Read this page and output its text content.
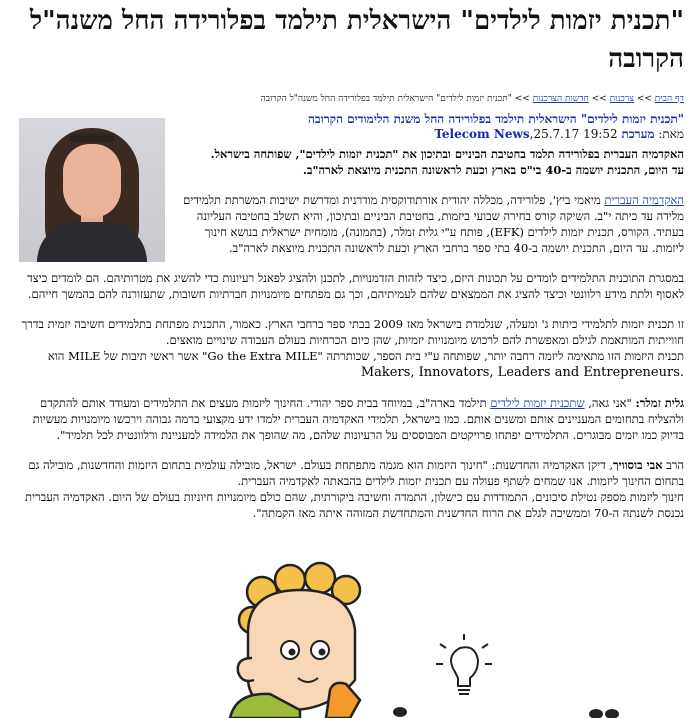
"תכנית יזמות לילדים" הישראלית תילמד בפלורידה החל משנה"ל הקרובה
דף הבית >> צרכנות >> חדשות הצרכנות >> "תכנית יזמות לילדים" הישראלית תילמד בפלורידה החל משנה"ל הקרובה
"תכנית יזמות לילדים" הישראלית תילמד בפלורידה החל משנת הלימודים הקרובה
מאת: מערכת Telecom News,25.7.17 19:52

האקדמיה העברית בפלורידה תלמד בחטיבת הביניים ובתיכון את "תכנית יזמות לילדים", שפותחה בישראל.
עד היום, התכנית יושמה ב-40 בי"ס בארץ וכעת לראשונה התכנית מיוצאת לארה"ב.

האקדמיה העברית מיאמי ביץ', פלורידה, מכללה יהודית אורתודוקסית מודרנית ומדרשת ישיבות המשרתת תלמידים מלידה עד כיתה י"ב. השיקה קורס בחירה שבועי ביזמות, בחטיבת הביניים ובתיכון, והיא תשלב בחטיבה העליונה בעתיד. הקורס, תכנית יזמות לילדים (EFK), פותח ע"י גלית זמלר, (בתמונה), מומחית ישראלית בנושא חינוך ליזמות. עד היום, התכנית יושמה ב-40 בתי ספר ברחבי הארץ וכעת לראשונה התכנית מיוצאת לארה"ב.

במסגרת התוכנית התלמידים לומדים על תכונות היזם, כיצד לזהות הזדמנויות, לתכנן ולהציג לפאנל רעיונות כדי להשיג את מטרותיהם. הם לומדים כיצד לאסוף ולתת מידע רלוונטי וכיצד להציג את הממצאים שלהם לעמיתיהם, וכך גם מפתחים מיומנויות חברתיות חשובות, שתעזורנה להם בהמשך חייהם.

זו תכנית יזמות לתלמידי כיתות ג' ומעלה, שנלמדת בישראל מאז 2009 בבתי ספר ברחבי הארץ. כאמור, התכנית מפתחת בתלמידים חשיבה יזמית בדרך חווייתית המותאמת לגילם ומאפשרת להם לרכוש מיומנויות יזמיות, שהן כיום הכרחיות בעולם העבודה שינויים מואצים.
תכנית היזמות הזו מתאימה ליזמה רחבה יותר, שפותחה ע"י בית הספר, שכותרתה "Go the Extra MILE" אשר ראשי תיבות של MILE הוא
Makers, Innovators, Leaders and Entrepreneurs.

גלית זמלר: "אני גאה, שתכנית יזמות לילדים תילמד בארה"ב, במיוחד בבית ספר יהודי. החינוך ליזמות מעצים את התלמידים ומעודד אותם להתקדם ולהצליח בתחומים המעניינים אותם ומשנים אותם. כמו בישראל, תלמידי האקדמיה העברית ילמדו ידע מקצועי ברמה גבוהה וירכשו מיומנויות מעשיות בדיוק כמו יזמים מבוגרים. התלמידים יפתחו פרויקטים המבוססים על הרעיונות שלהם, מה שהופך את הלמידה למעניינת ורלוונטית לכל תלמיד".

הרב אבי בוסוויך, דיקן האקדמיה והחדשנות: "חינוך היזמות הוא מגמה מתפתחת בעולם. ישראל, מובילה עולמית בתחום היזמות והחדשנות, מובילה גם בתחום החינוך ליזמות. אנו שמחים לשתף פעולה עם תכנית יזמות לילדים בהבאתה לאקדמיה העברית.
חינוך ליזמות מספק נטילת סיכונים, התמודדות עם כישלון, התמדה וחשיבה ביקורתית, שהם כולם מיומנויות חיוניות בעולם של היום. האקדמיה העברית נכנסת לשנתה ה-70 וממשיכה לגלם את הרוח החדשנית והמתחדשת המזוהה איתה מאז הקמתה".
